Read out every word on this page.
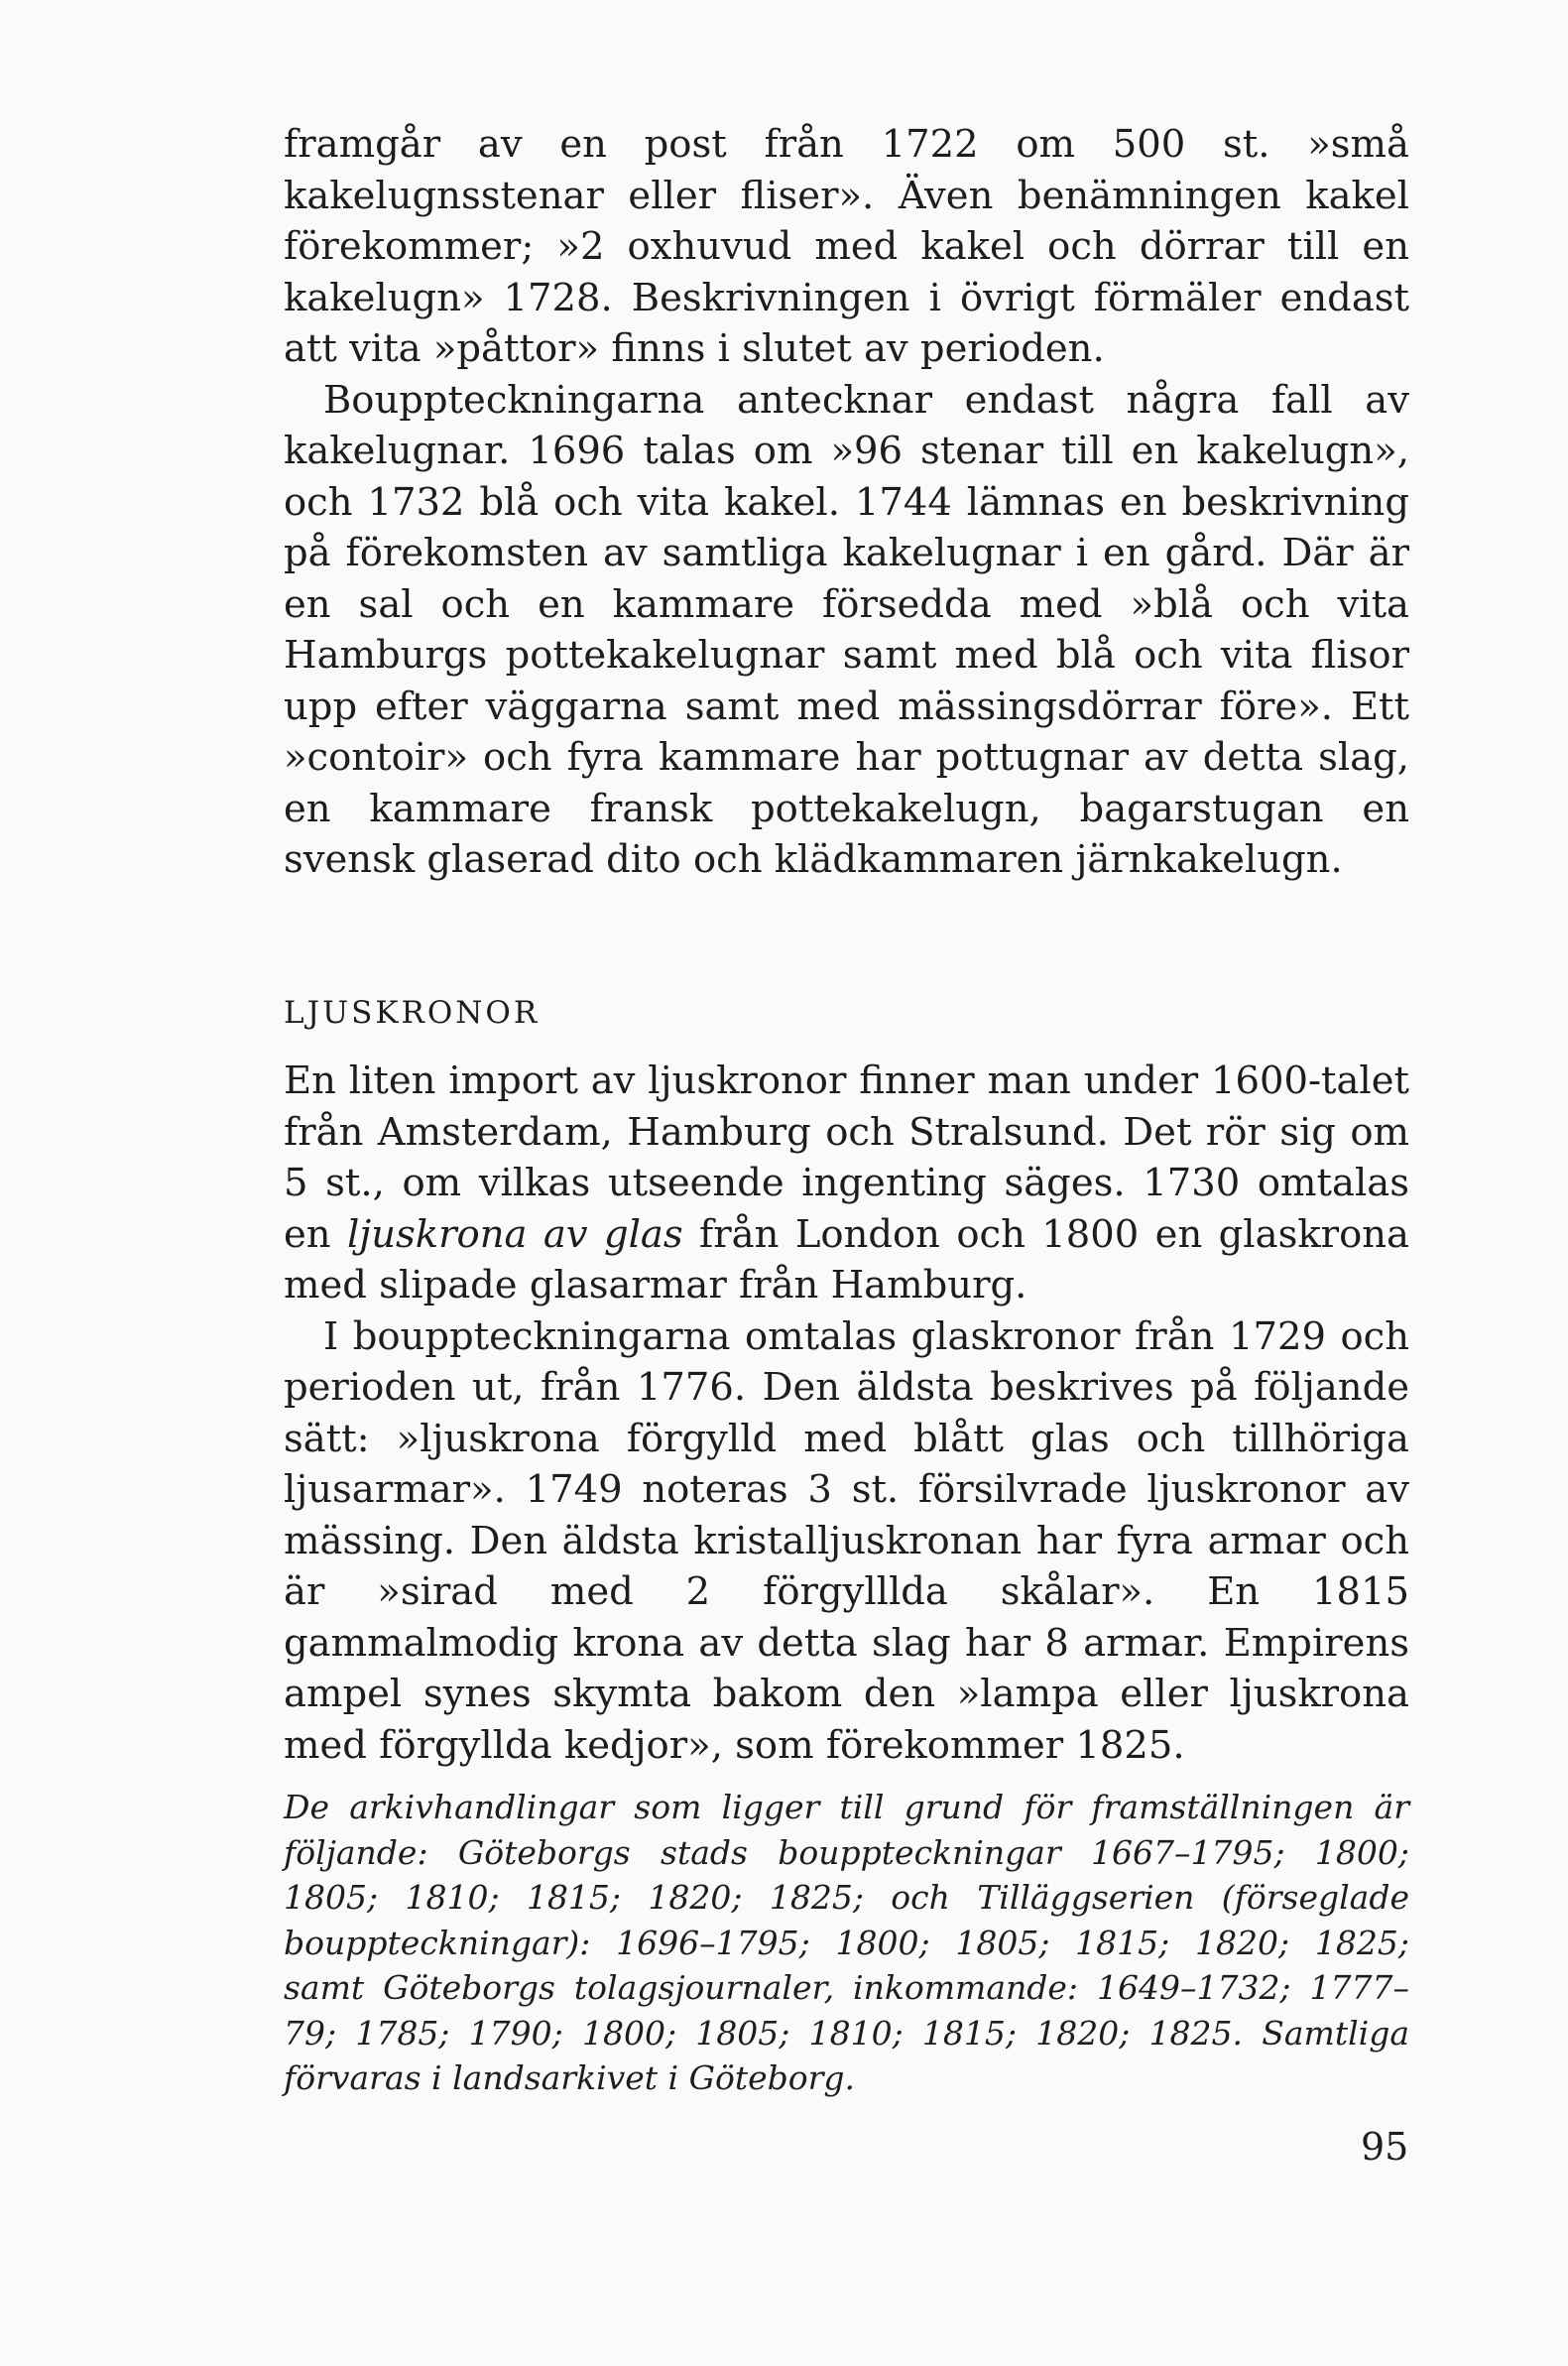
framgår av en post från 1722 om 500 st. »små kakelugnsstenar eller fliser». Även benämningen kakel förekommer; »2 oxhuvud med kakel och dörrar till en kakelugn» 1728. Beskrivningen i övrigt förmäler endast att vita »påttor» finns i slutet av perioden.

Bouppteckningarna antecknar endast några fall av kakelugnar. 1696 talas om »96 stenar till en kakelugn», och 1732 blå och vita kakel. 1744 lämnas en beskrivning på förekomsten av samtliga kakelugnar i en gård. Där är en sal och en kammare försedda med »blå och vita Hamburgs pottekakelugnar samt med blå och vita flisor upp efter väggarna samt med mässingsdörrar före». Ett »contoir» och fyra kammare har pottugnar av detta slag, en kammare fransk pottekakelugn, bagarstugan en svensk glaserad dito och klädkammaren järnkakelugn.

LJUSKRONOR

En liten import av ljuskronor finner man under 1600-talet från Amsterdam, Hamburg och Stralsund. Det rör sig om 5 st., om vilkas utseende ingenting säges. 1730 omtalas en ljuskrona av glas från London och 1800 en glaskrona med slipade glasarmar från Hamburg.

I bouppteckningarna omtalas glaskronor från 1729 och perioden ut, från 1776. Den äldsta beskrives på följande sätt: »ljuskrona förgylld med blått glas och tillhöriga ljusarmar». 1749 noteras 3 st. försilvrade ljuskronor av mässing. Den äldsta kristalljuskronan har fyra armar och är »sirad med 2 förgylllda skålar». En 1815 gammalmodig krona av detta slag har 8 armar. Empirens ampel synes skymta bakom den »lampa eller ljuskrona med förgyllda kedjor», som förekommer 1825.

De arkivhandlingar som ligger till grund för framställningen är följande: Göteborgs stads bouppteckningar 1667–1795; 1800; 1805; 1810; 1815; 1820; 1825; och Tilläggserien (förseglade bouppteckningar): 1696–1795; 1800; 1805; 1815; 1820; 1825; samt Göteborgs tolagsjournaler, inkommande: 1649–1732; 1777–79; 1785; 1790; 1800; 1805; 1810; 1815; 1820; 1825. Samtliga förvaras i landsarkivet i Göteborg.

95
